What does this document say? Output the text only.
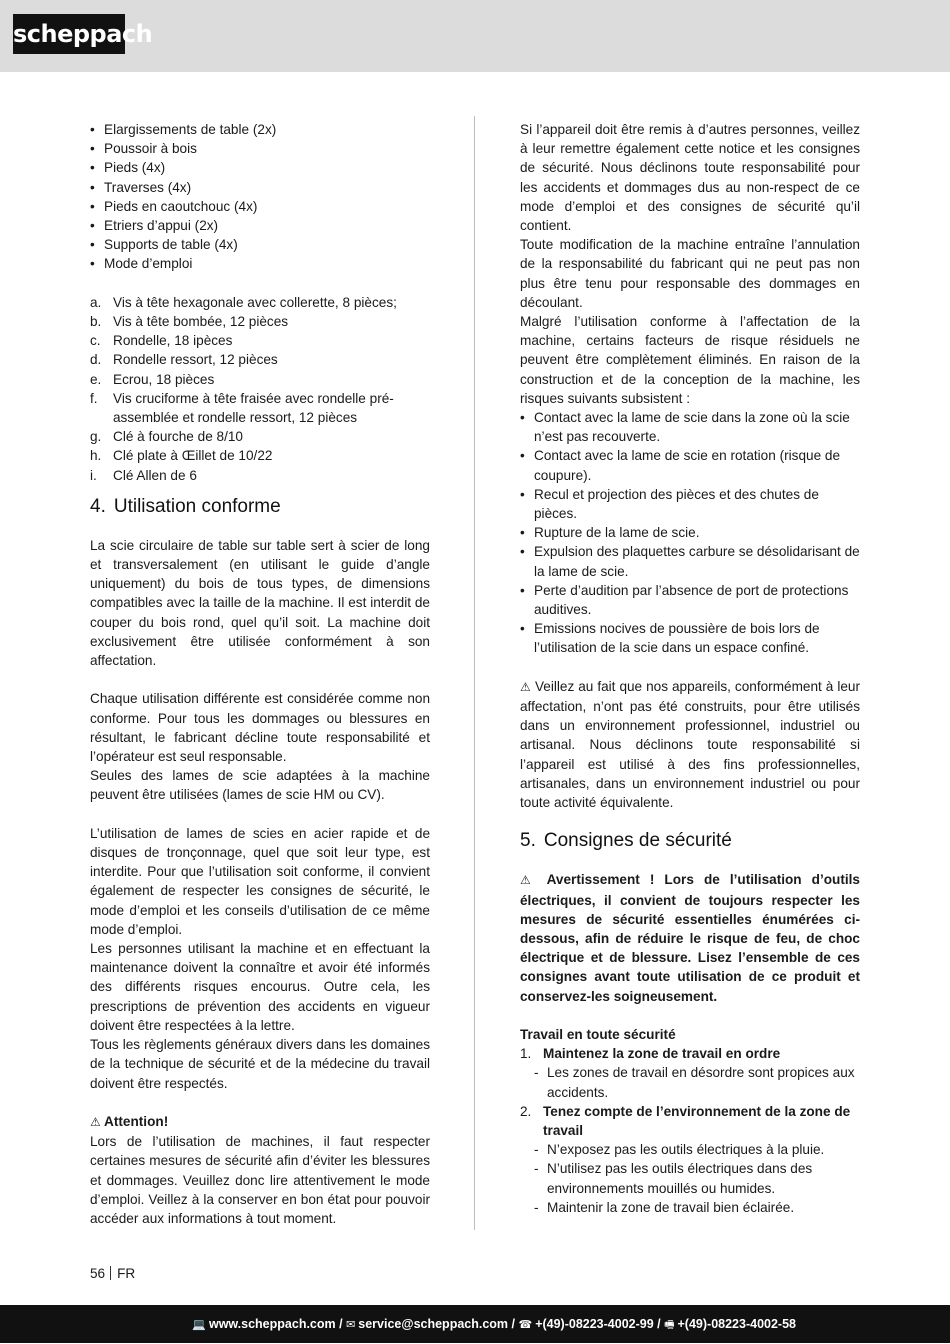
scheppach
• Elargissements de table (2x)
• Poussoir à bois
• Pieds (4x)
• Traverses (4x)
• Pieds en caoutchouc (4x)
• Etriers d’appui (2x)
• Supports de table (4x)
• Mode d’emploi
a. Vis à tête hexagonale avec collerette, 8 pièces;
b. Vis à tête bombée, 12 pièces
c. Rondelle, 18 ipèces
d. Rondelle ressort, 12 pièces
e. Ecrou, 18 pièces
f. Vis cruciforme à tête fraisée avec rondelle pré-assemblée et rondelle ressort, 12 pièces
g. Clé à fourche de 8/10
h. Clé plate à Œillet de 10/22
i. Clé Allen de 6
4. Utilisation conforme

La scie circulaire de table sur table sert à scier de long et transversalement (en utilisant le guide d’angle uniquement) du bois de tous types, de dimensions compatibles avec la taille de la machine. Il est interdit de couper du bois rond, quel qu’il soit. La machine doit exclusivement être utilisée conformément à son affectation.

Chaque utilisation différente est considérée comme non conforme. Pour tous les dommages ou blessures en résultant, le fabricant décline toute responsabilité et l’opérateur est seul responsable.

Seules des lames de scie adaptées à la machine peuvent être utilisées (lames de scie HM ou CV).

L’utilisation de lames de scies en acier rapide et de disques de tronçonnage, quel que soit leur type, est interdite. Pour que l’utilisation soit conforme, il convient également de respecter les consignes de sécurité, le mode d’emploi et les conseils d’utilisation de ce même mode d’emploi.

Les personnes utilisant la machine et en effectuant la maintenance doivent la connaître et avoir été informés des différents risques encourus. Outre cela, les prescriptions de prévention des accidents en vigueur doivent être respectées à la lettre.

Tous les règlements généraux divers dans les domaines de la technique de sécurité et de la médecine du travail doivent être respectés.

⚠ Attention!

Lors de l’utilisation de machines, il faut respecter certaines mesures de sécurité afin d’éviter les blessures et dommages. Veuillez donc lire attentivement le mode d’emploi. Veillez à la conserver en bon état pour pouvoir accéder aux informations à tout moment.

Si l’appareil doit être remis à d’autres personnes, veillez à leur remettre également cette notice et les consignes de sécurité. Nous déclinons toute responsabilité pour les accidents et dommages dus au non-respect de ce mode d’emploi et des consignes de sécurité qu’il contient.

Toute modification de la machine entraîne l’annulation de la responsabilité du fabricant qui ne peut pas non plus être tenu pour responsable des dommages en découlant.

Malgré l’utilisation conforme à l’affectation de la machine, certains facteurs de risque résiduels ne peuvent être complètement éliminés. En raison de la construction et de la conception de la machine, les risques suivants subsistent :

• Contact avec la lame de scie dans la zone où la scie n’est pas recouverte.
• Contact avec la lame de scie en rotation (risque de coupure).
• Recul et projection des pièces et des chutes de pièces.
• Rupture de la lame de scie.
• Expulsion des plaquettes carbure se désolidarisant de la lame de scie.
• Perte d’audition par l’absence de port de protections auditives.
• Emissions nocives de poussière de bois lors de l’utilisation de la scie dans un espace confiné.

⚠ Veillez au fait que nos appareils, conformément à leur affectation, n’ont pas été construits, pour être utilisés dans un environnement professionnel, industriel ou artisanal. Nous déclinons toute responsabilité si l’appareil est utilisé à des fins professionnelles, artisanales, dans un environnement industriel ou pour toute activité équivalente.

5. Consignes de sécurité

⚠ Avertissement ! Lors de l’utilisation d’outils électriques, il convient de toujours respecter les mesures de sécurité essentielles énumérées ci-dessous, afin de réduire le risque de feu, de choc électrique et de blessure. Lisez l’ensemble de ces consignes avant toute utilisation de ce produit et conservez-les soigneusement.

Travail en toute sécurité

1. Maintenez la zone de travail en ordre
- Les zones de travail en désordre sont propices aux accidents.
2. Tenez compte de l’environnement de la zone de travail
- N’exposez pas les outils électriques à la pluie.
- N’utilisez pas les outils électriques dans des environnements mouillés ou humides.
- Maintenir la zone de travail bien éclairée.
56 FR
💻 www.scheppach.com / ✉ service@scheppach.com / ☎ +(49)-08223-4002-99 / 🖷 +(49)-08223-4002-58
